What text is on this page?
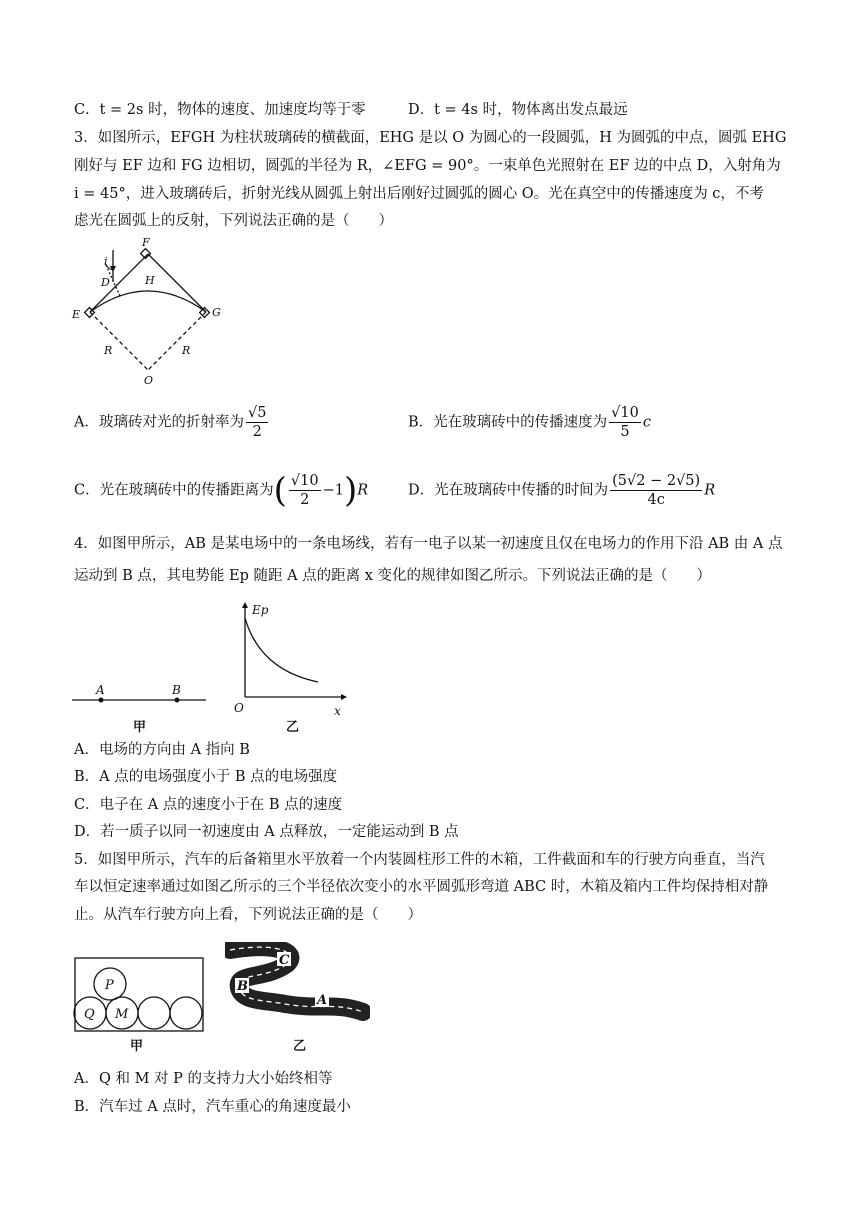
C．t = 2s 时，物体的速度、加速度均等于零	D．t = 4s 时，物体离出发点最远
3．如图所示，EFGH 为柱状玻璃砖的横截面，EHG 是以 O 为圆心的一段圆弧，H 为圆弧的中点，圆弧 EHG
刚好与 EF 边和 FG 边相切，圆弧的半径为 R，∠EFG = 90°。一束单色光照射在 EF 边的中点 D，入射角为
i = 45°，进入玻璃砖后，折射光线从圆弧上射出后刚好过圆弧的圆心 O。光在真空中的传播速度为 c，不考
虑光在圆弧上的反射，下列说法正确的是（　　）
F
E	G
H
D
O
i
R	R
A．玻璃砖对光的折射率为 $\frac{√5}{2}$	B．光在玻璃砖中的传播速度为 $\frac{√10}{5}$ c
C．光在玻璃砖中的传播距离为( $\frac{√10}{2} -1)R$	D．光在玻璃砖中传播的时间为 $\frac{(5√2 - 2√5)}{4c}$ R
4．如图甲所示，AB 是某电场中的一条电场线，若有一电子以某一初速度且仅在电场力的作用下沿 AB 由 A 点
运动到 B 点，其电势能 Ep 随距 A 点的距离 x 变化的规律如图乙所示。下列说法正确的是（　　）
A	B
甲
Ep
O	x
乙
A．电场的方向由 A 指向 B
B．A 点的电场强度小于 B 点的电场强度
C．电子在 A 点的速度小于在 B 点的速度
D．若一质子以同一初速度由 A 点释放，一定能运动到 B 点
5．如图甲所示，汽车的后备箱里水平放着一个内装圆柱形工件的木箱，工件截面和车的行驶方向垂直，当汽
车以恒定速率通过如图乙所示的三个半径依次变小的水平圆弧形弯道 ABC 时，木箱及箱内工件均保持相对静
止。从汽车行驶方向上看，下列说法正确的是（　　）
P
Q M
甲
C
B
A
乙
A．Q 和 M 对 P 的支持力大小始终相等
B．汽车过 A 点时，汽车重心的角速度最小
